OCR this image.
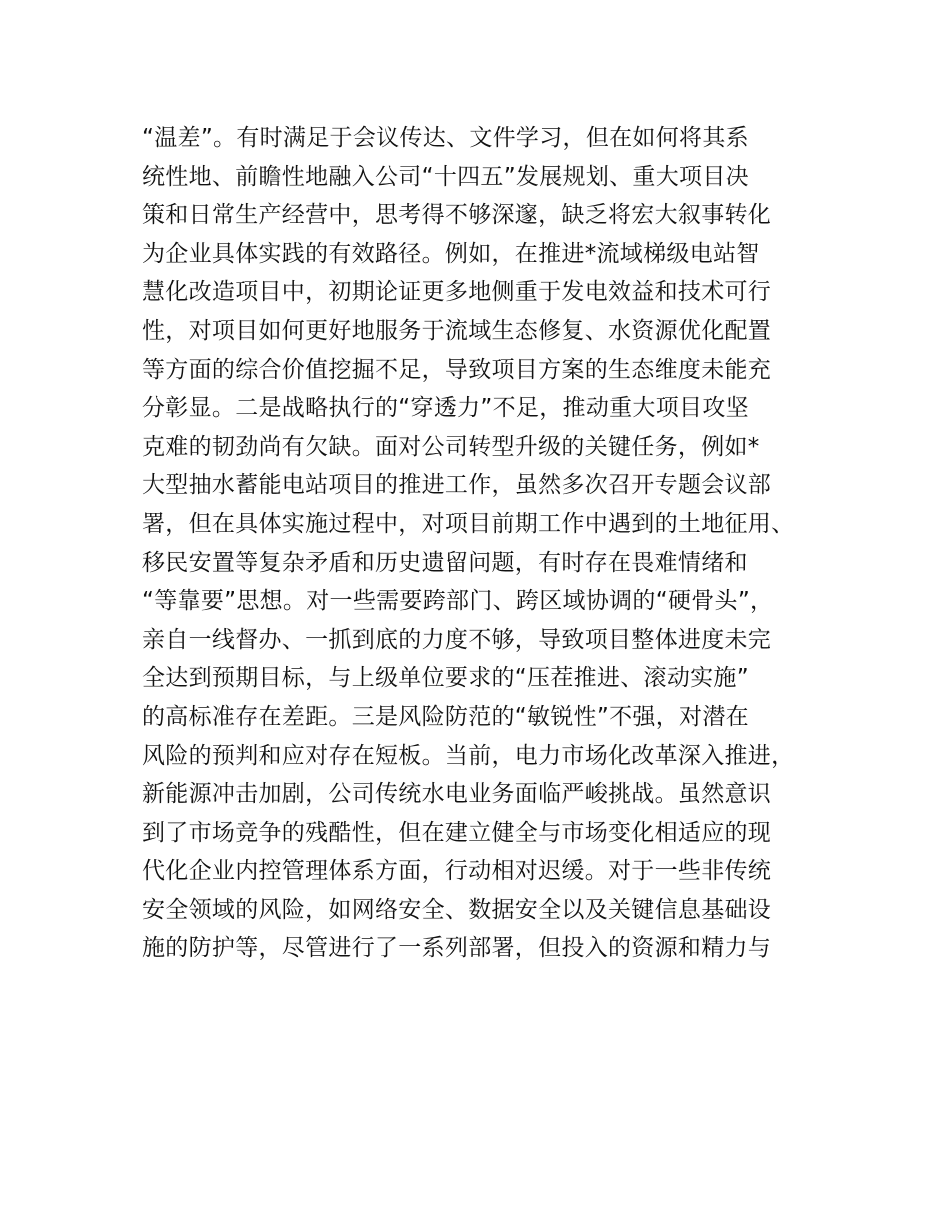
“温差”。有时满足于会议传达、文件学习，但在如何将其系
统性地、前瞻性地融入公司“十四五”发展规划、重大项目决
策和日常生产经营中，思考得不够深邃，缺乏将宏大叙事转化
为企业具体实践的有效路径。例如，在推进*流域梯级电站智
慧化改造项目中，初期论证更多地侧重于发电效益和技术可行
性，对项目如何更好地服务于流域生态修复、水资源优化配置
等方面的综合价值挖掘不足，导致项目方案的生态维度未能充
分彰显。二是战略执行的“穿透力”不足，推动重大项目攻坚
克难的韧劲尚有欠缺。面对公司转型升级的关键任务，例如*
大型抽水蓄能电站项目的推进工作，虽然多次召开专题会议部
署，但在具体实施过程中，对项目前期工作中遇到的土地征用、
移民安置等复杂矛盾和历史遗留问题，有时存在畏难情绪和
“等靠要”思想。对一些需要跨部门、跨区域协调的“硬骨头”，
亲自一线督办、一抓到底的力度不够，导致项目整体进度未完
全达到预期目标，与上级单位要求的“压茬推进、滚动实施”
的高标准存在差距。三是风险防范的“敏锐性”不强，对潜在
风险的预判和应对存在短板。当前，电力市场化改革深入推进，
新能源冲击加剧，公司传统水电业务面临严峻挑战。虽然意识
到了市场竞争的残酷性，但在建立健全与市场变化相适应的现
代化企业内控管理体系方面，行动相对迟缓。对于一些非传统
安全领域的风险，如网络安全、数据安全以及关键信息基础设
施的防护等，尽管进行了一系列部署，但投入的资源和精力与
